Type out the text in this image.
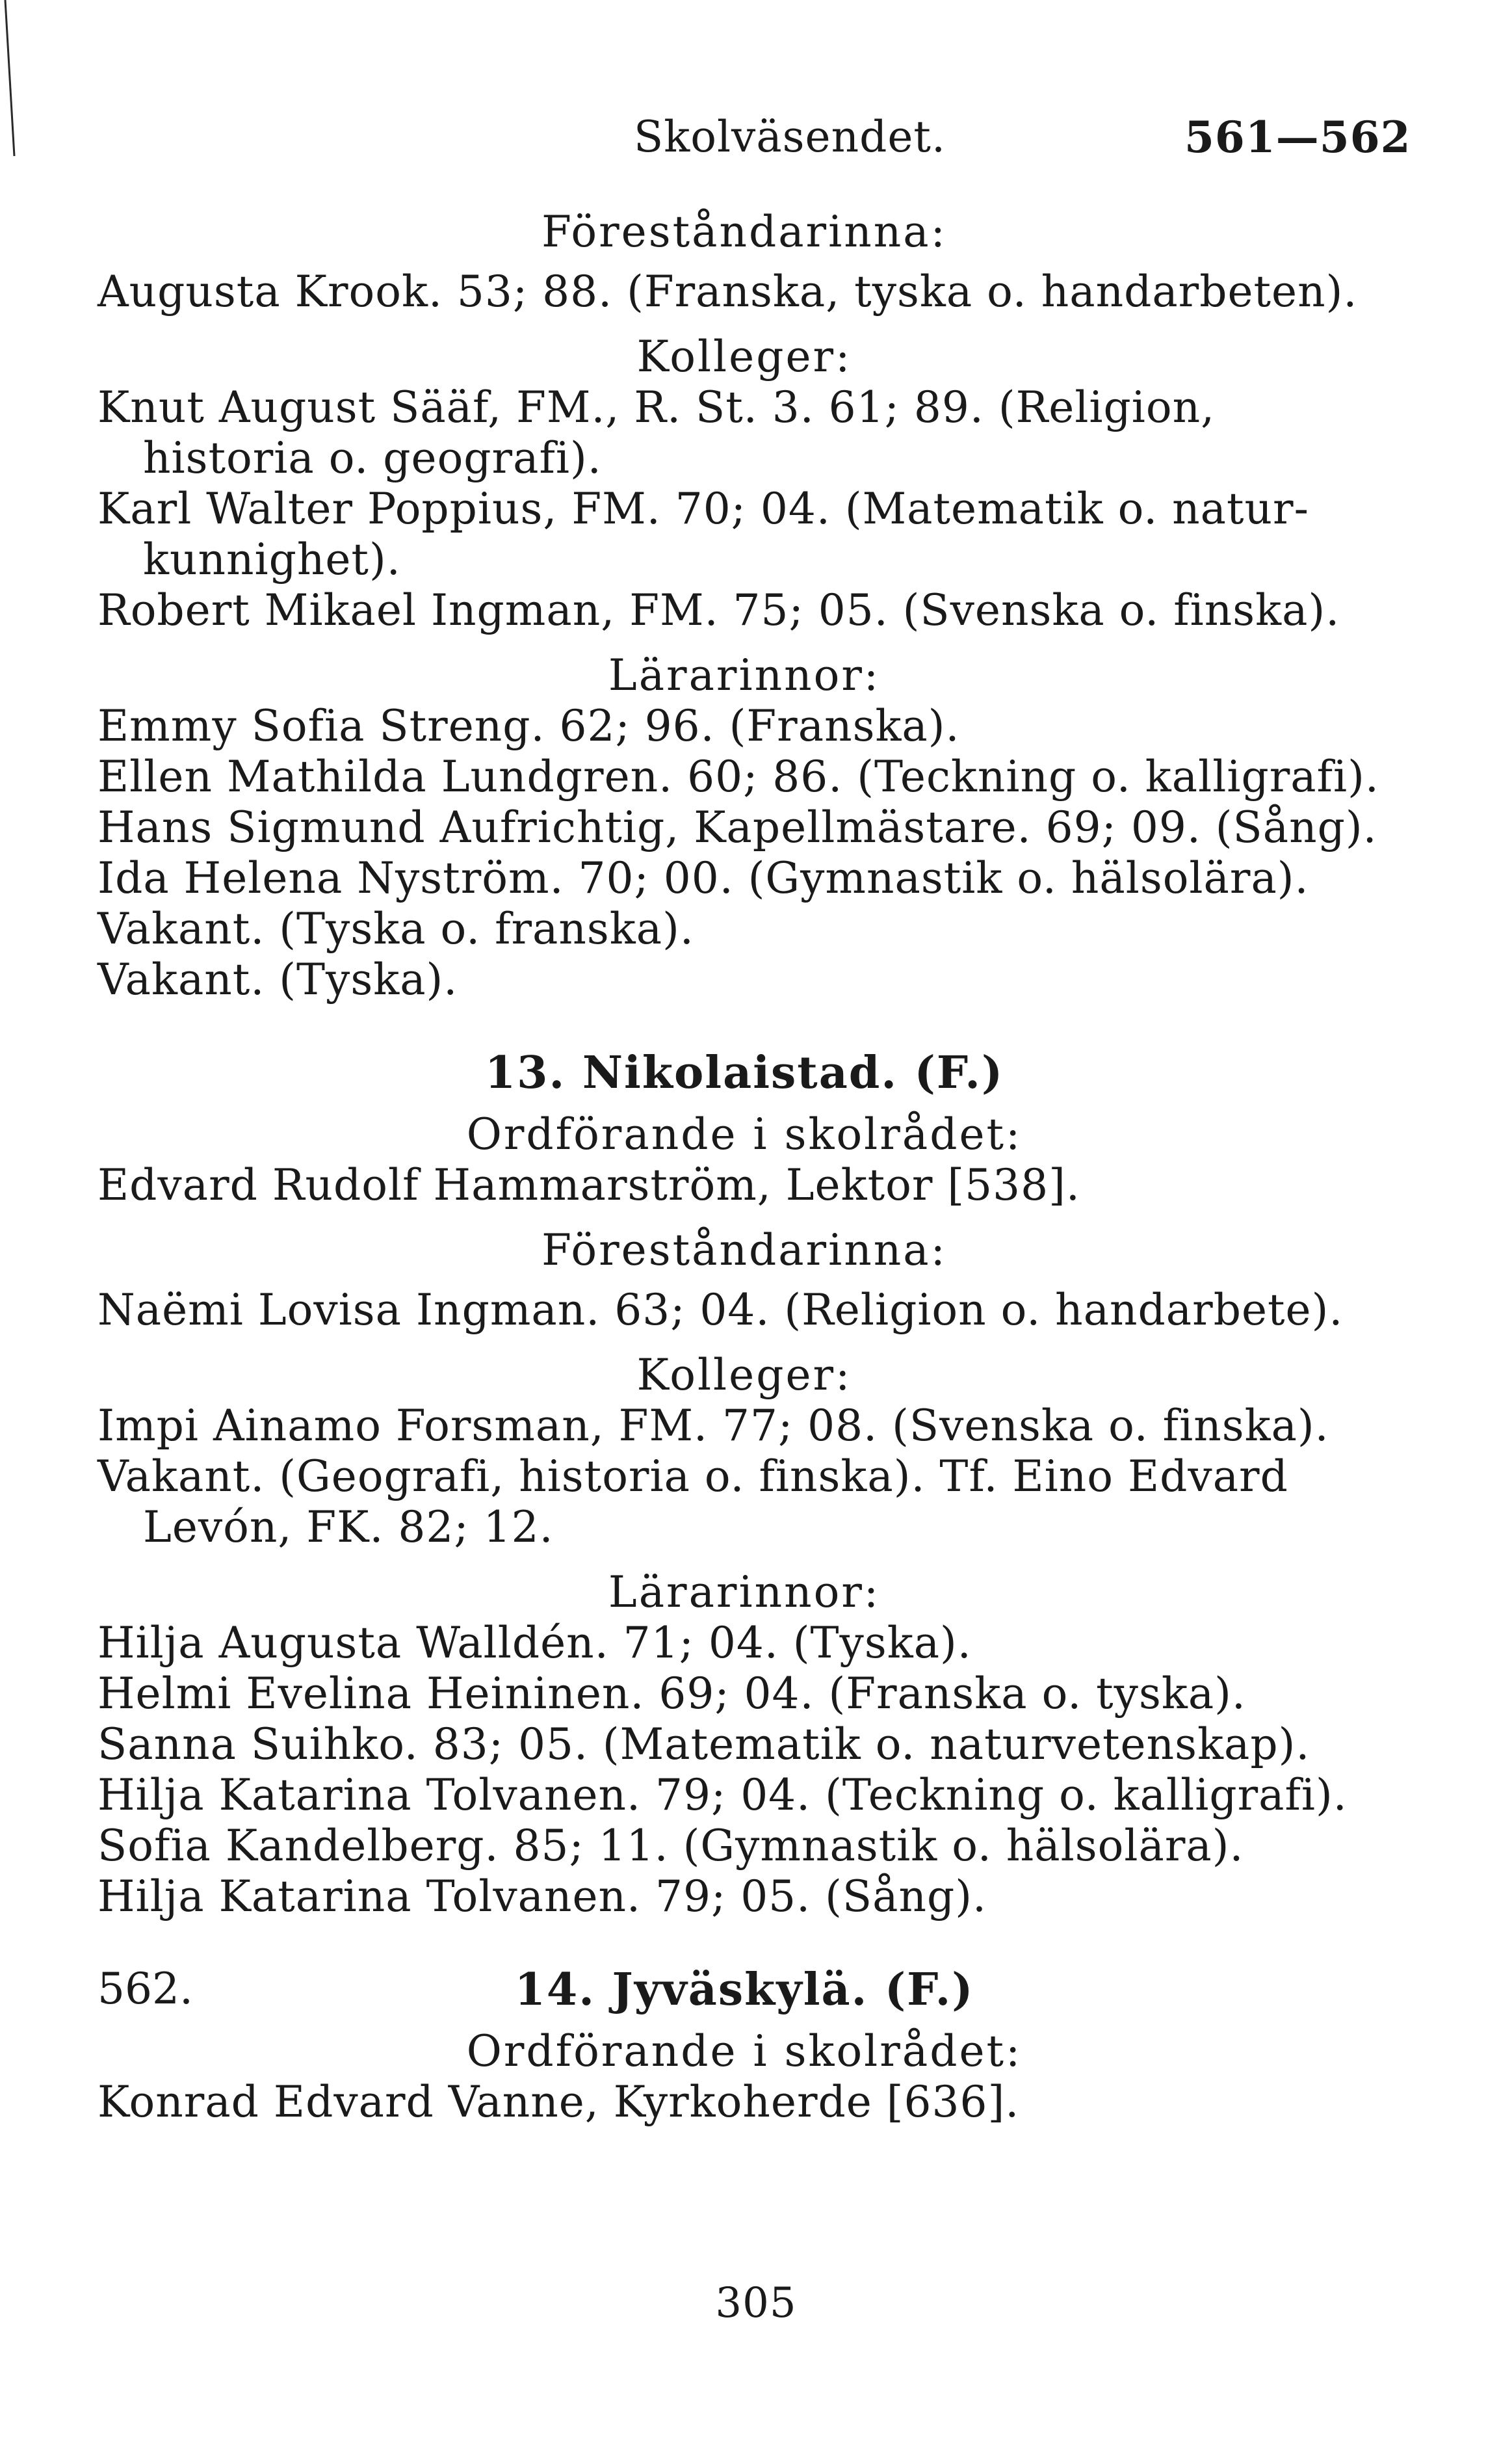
Skolväsendet.	561—562
Föreståndarinna:
Augusta Krook. 53; 88. (Franska, tyska o. handarbeten).
Kolleger:
Knut August Sääf, FM., R. St. 3. 61; 89. (Religion,
historia o. geografi).
Karl Walter Poppius, FM. 70; 04. (Matematik o. natur-
kunnighet).
Robert Mikael Ingman, FM. 75; 05. (Svenska o. finska).
Lärarinnor:
Emmy Sofia Streng. 62; 96. (Franska).
Ellen Mathilda Lundgren. 60; 86. (Teckning o. kalligrafi).
Hans Sigmund Aufrichtig, Kapellmästare. 69; 09. (Sång).
Ida Helena Nyström. 70; 00. (Gymnastik o. hälsolära).
Vakant. (Tyska o. franska).
Vakant. (Tyska).
13. Nikolaistad. (F.)
Ordförande i skolrådet:
Edvard Rudolf Hammarström, Lektor [538].
Föreståndarinna:
Naëmi Lovisa Ingman. 63; 04. (Religion o. handarbete).
Kolleger:
Impi Ainamo Forsman, FM. 77; 08. (Svenska o. finska).
Vakant. (Geografi, historia o. finska). Tf. Eino Edvard
Levón, FK. 82; 12.
Lärarinnor:
Hilja Augusta Walldén. 71; 04. (Tyska).
Helmi Evelina Heininen. 69; 04. (Franska o. tyska).
Sanna Suihko. 83; 05. (Matematik o. naturvetenskap).
Hilja Katarina Tolvanen. 79; 04. (Teckning o. kalligrafi).
Sofia Kandelberg. 85; 11. (Gymnastik o. hälsolära).
Hilja Katarina Tolvanen. 79; 05. (Sång).
562.	14. Jyväskylä. (F.)
Ordförande i skolrådet:
Konrad Edvard Vanne, Kyrkoherde [636].
305
